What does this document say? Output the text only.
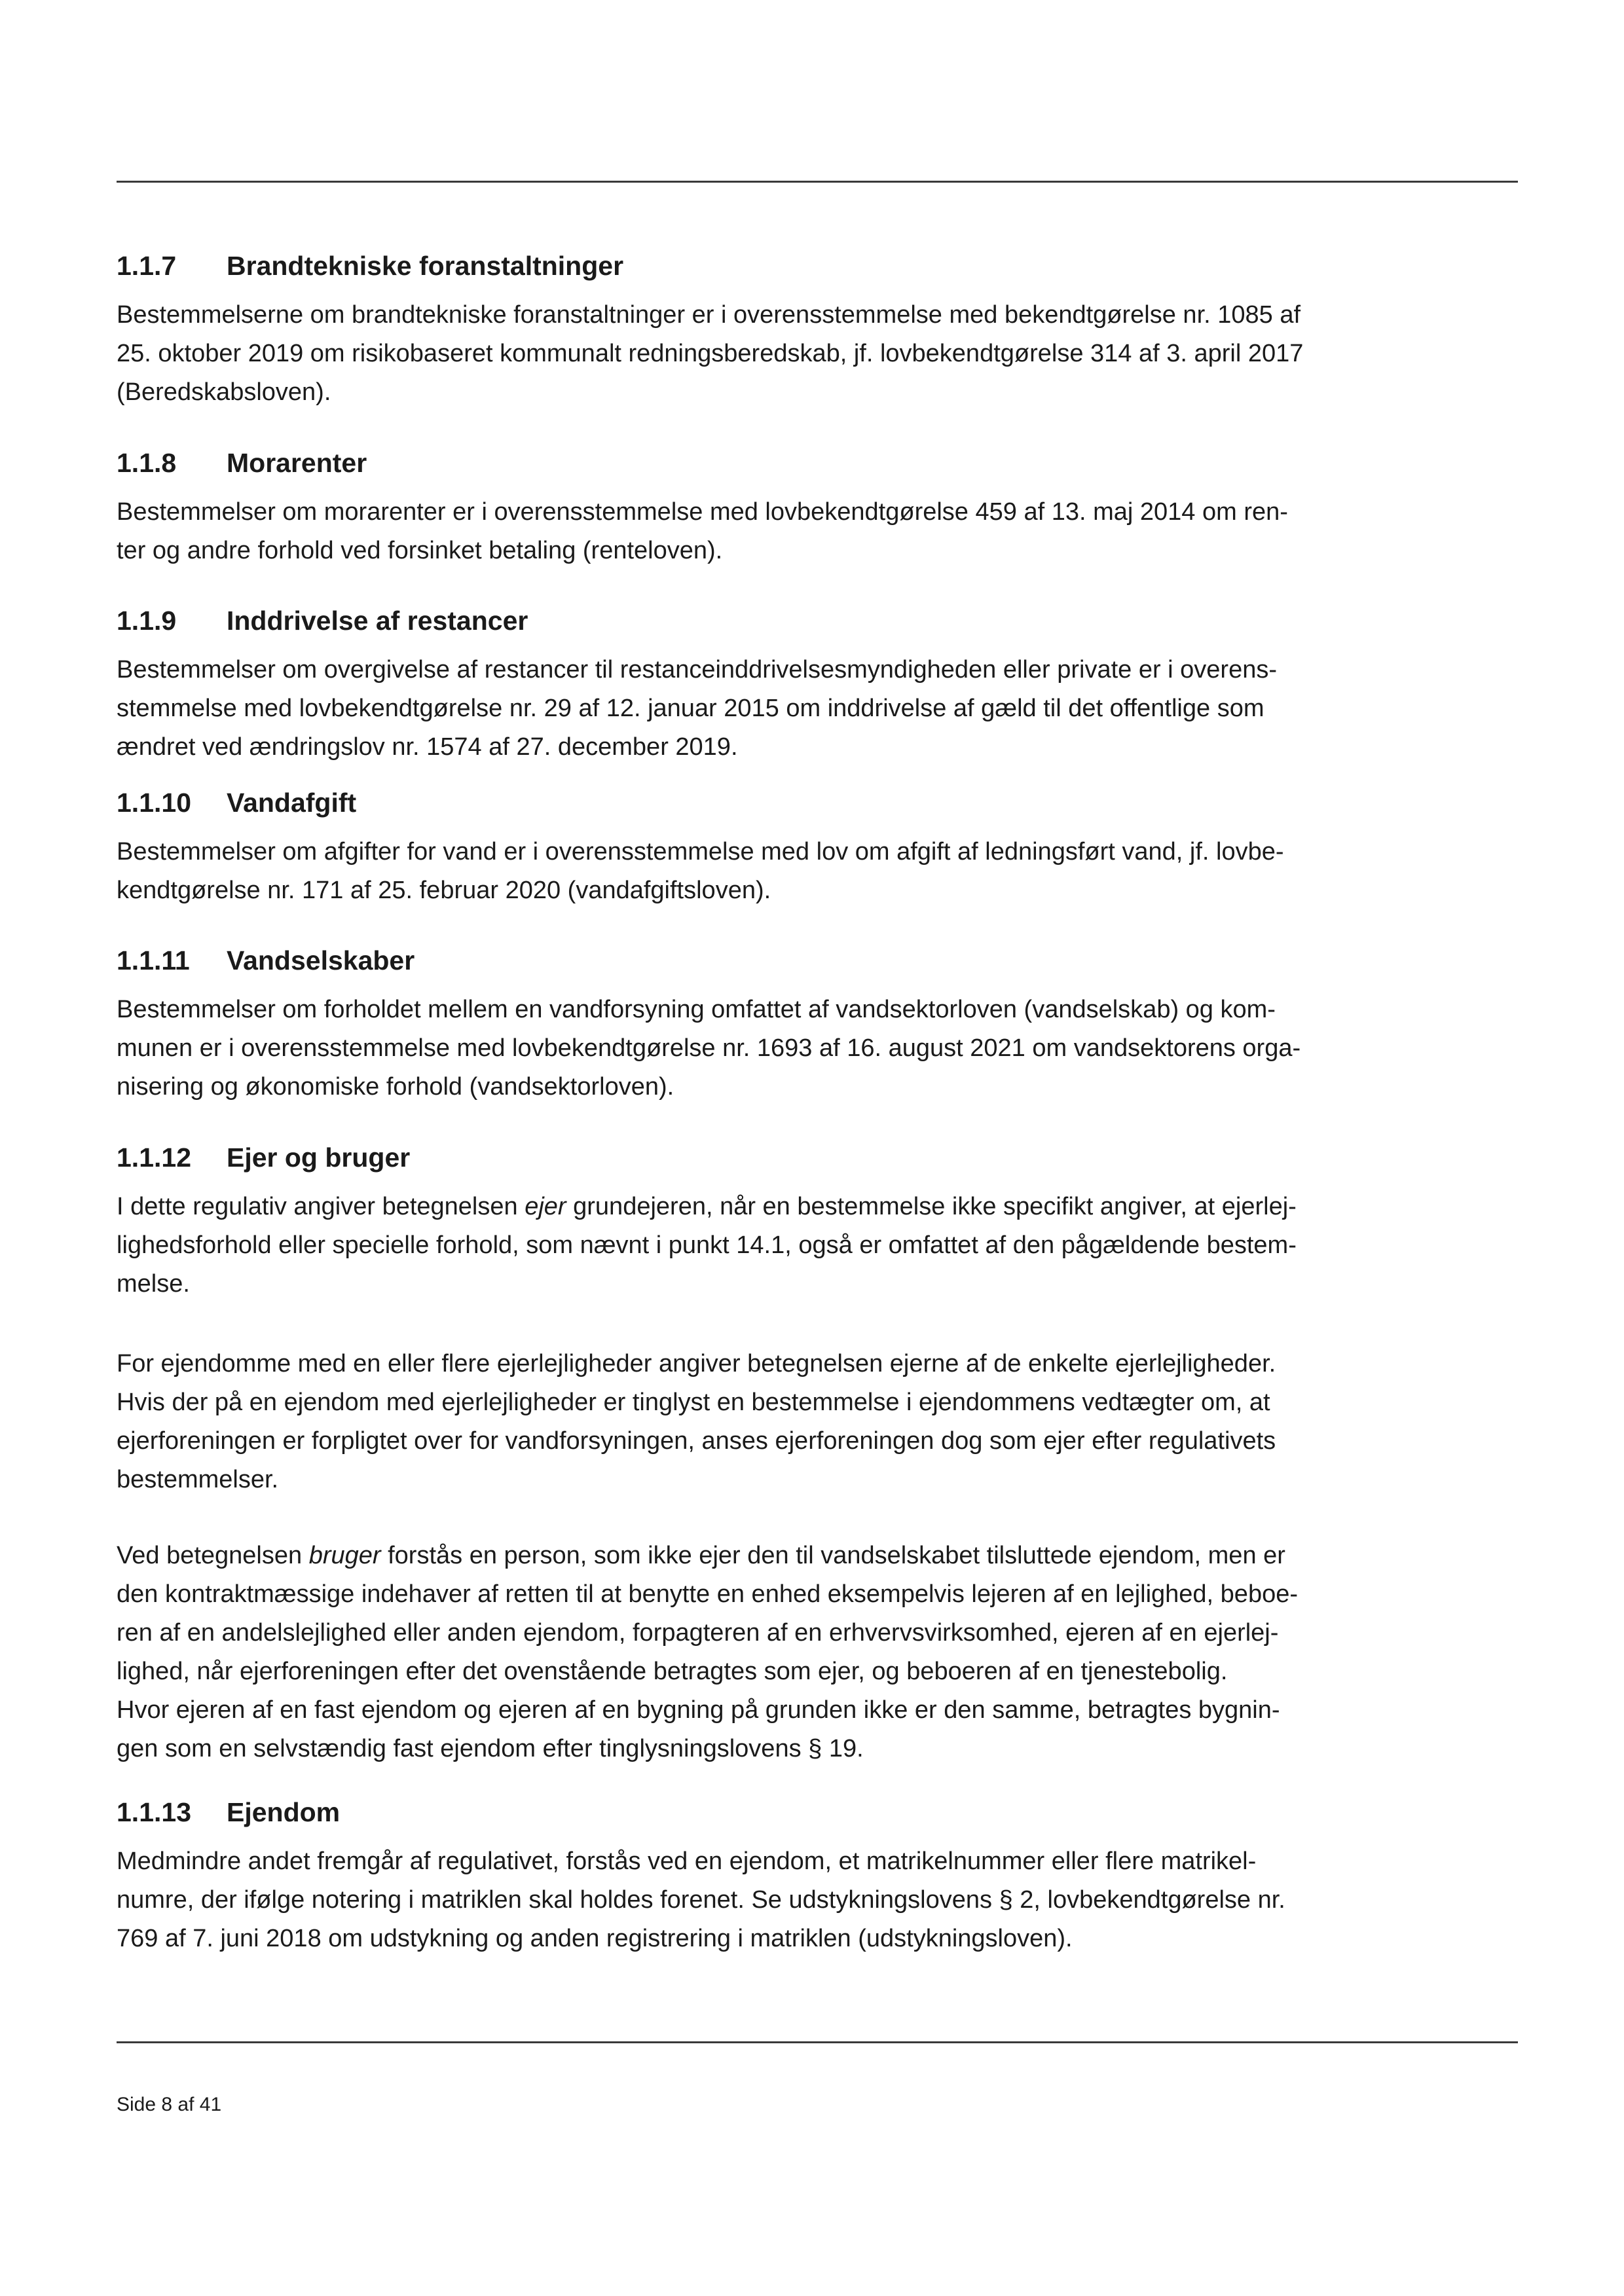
1.1.7 Brandtekniske foranstaltninger

Bestemmelserne om brandtekniske foranstaltninger er i overensstemmelse med bekendtgørelse nr. 1085 af
25. oktober 2019 om risikobaseret kommunalt redningsberedskab, jf. lovbekendtgørelse 314 af 3. april 2017
(Beredskabsloven).

1.1.8 Morarenter

Bestemmelser om morarenter er i overensstemmelse med lovbekendtgørelse 459 af 13. maj 2014 om ren-
ter og andre forhold ved forsinket betaling (renteloven).

1.1.9 Inddrivelse af restancer

Bestemmelser om overgivelse af restancer til restanceinddrivelsesmyndigheden eller private er i overens-
stemmelse med lovbekendtgørelse nr. 29 af 12. januar 2015 om inddrivelse af gæld til det offentlige som
ændret ved ændringslov nr. 1574 af 27. december 2019.

1.1.10 Vandafgift

Bestemmelser om afgifter for vand er i overensstemmelse med lov om afgift af ledningsført vand, jf. lovbe-
kendtgørelse nr. 171 af 25. februar 2020 (vandafgiftsloven).

1.1.11 Vandselskaber

Bestemmelser om forholdet mellem en vandforsyning omfattet af vandsektorloven (vandselskab) og kom-
munen er i overensstemmelse med lovbekendtgørelse nr. 1693 af 16. august 2021 om vandsektorens orga-
nisering og økonomiske forhold (vandsektorloven).

1.1.12 Ejer og bruger

I dette regulativ angiver betegnelsen ejer grundejeren, når en bestemmelse ikke specifikt angiver, at ejerlej-
lighedsforhold eller specielle forhold, som nævnt i punkt 14.1, også er omfattet af den pågældende bestem-
melse.

For ejendomme med en eller flere ejerlejligheder angiver betegnelsen ejerne af de enkelte ejerlejligheder.
Hvis der på en ejendom med ejerlejligheder er tinglyst en bestemmelse i ejendommens vedtægter om, at
ejerforeningen er forpligtet over for vandforsyningen, anses ejerforeningen dog som ejer efter regulativets
bestemmelser.

Ved betegnelsen bruger forstås en person, som ikke ejer den til vandselskabet tilsluttede ejendom, men er
den kontraktmæssige indehaver af retten til at benytte en enhed eksempelvis lejeren af en lejlighed, beboe-
ren af en andelslejlighed eller anden ejendom, forpagteren af en erhvervsvirksomhed, ejeren af en ejerlej-
lighed, når ejerforeningen efter det ovenstående betragtes som ejer, og beboeren af en tjenestebolig.
Hvor ejeren af en fast ejendom og ejeren af en bygning på grunden ikke er den samme, betragtes bygnin-
gen som en selvstændig fast ejendom efter tinglysningslovens § 19.

1.1.13 Ejendom

Medmindre andet fremgår af regulativet, forstås ved en ejendom, et matrikelnummer eller flere matrikel-
numre, der ifølge notering i matriklen skal holdes forenet. Se udstykningslovens § 2, lovbekendtgørelse nr.
769 af 7. juni 2018 om udstykning og anden registrering i matriklen (udstykningsloven).

Side 8 af 41
